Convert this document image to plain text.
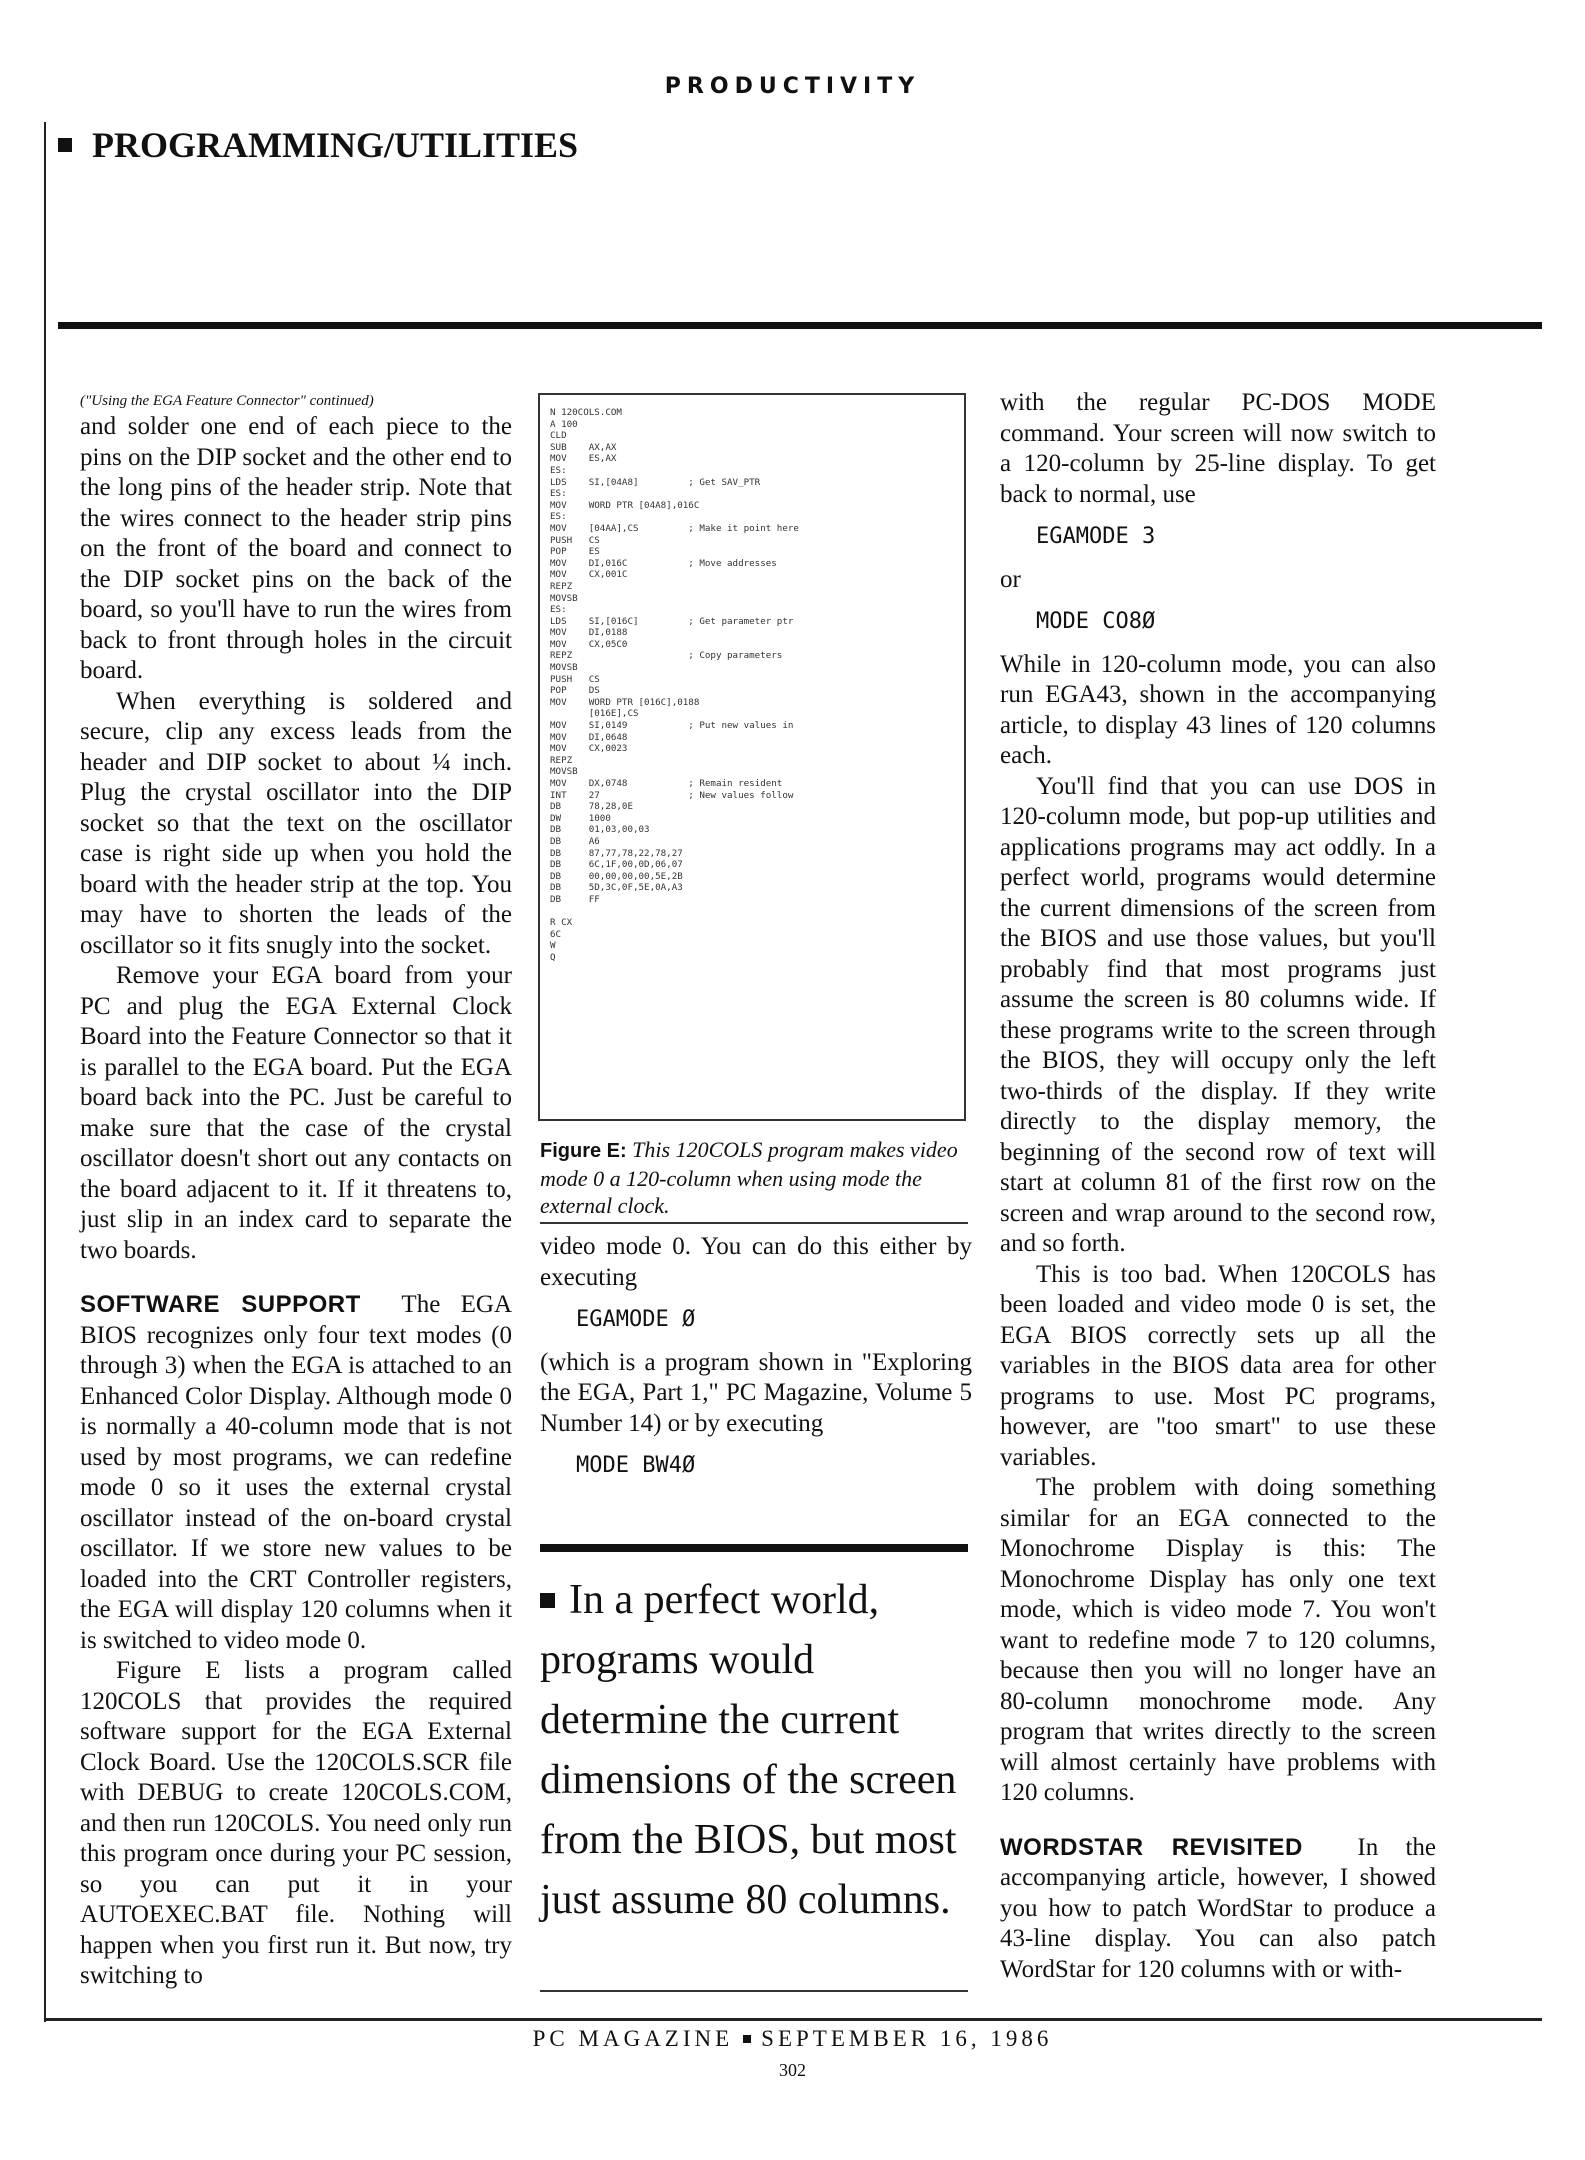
PRODUCTIVITY
PROGRAMMING/UTILITIES
("Using the EGA Feature Connector" continued)

and solder one end of each piece to the pins on the DIP socket and the other end to the long pins of the header strip. Note that the wires connect to the header strip pins on the front of the board and connect to the DIP socket pins on the back of the board, so you'll have to run the wires from back to front through holes in the circuit board.

When everything is soldered and secure, clip any excess leads from the header and DIP socket to about ¼ inch. Plug the crystal oscillator into the DIP socket so that the text on the oscillator case is right side up when you hold the board with the header strip at the top. You may have to shorten the leads of the oscillator so it fits snugly into the socket.

Remove your EGA board from your PC and plug the EGA External Clock Board into the Feature Connector so that it is parallel to the EGA board. Put the EGA board back into the PC. Just be careful to make sure that the case of the crystal oscillator doesn't short out any contacts on the board adjacent to it. If it threatens to, just slip in an index card to separate the two boards.

SOFTWARE SUPPORT The EGA BIOS recognizes only four text modes (0 through 3) when the EGA is attached to an Enhanced Color Display. Although mode 0 is normally a 40-column mode that is not used by most programs, we can redefine mode 0 so it uses the external crystal oscillator instead of the on-board crystal oscillator. If we store new values to be loaded into the CRT Controller registers, the EGA will display 120 columns when it is switched to video mode 0.

Figure E lists a program called 120COLS that provides the required software support for the EGA External Clock Board. Use the 120COLS.SCR file with DEBUG to create 120COLS.COM, and then run 120COLS. You need only run this program once during your PC session, so you can put it in your AUTOEXEC.BAT file. Nothing will happen when you first run it. But now, try switching to

N 120COLS.COM
A 100
CLD
SUB    AX,AX
MOV    ES,AX
ES:
LDS    SI,[04A8]         ; Get SAV_PTR
ES:
MOV    WORD PTR [04A8],016C
ES:
MOV    [04AA],CS         ; Make it point here
PUSH   CS
POP    ES
MOV    DI,016C           ; Move addresses
MOV    CX,001C
REPZ
MOVSB
ES:
LDS    SI,[016C]         ; Get parameter ptr
MOV    DI,0188
MOV    CX,05C0
REPZ                     ; Copy parameters
MOVSB
PUSH   CS
POP    DS
MOV    WORD PTR [016C],0188
[016E],CS
MOV    SI,0149           ; Put new values in
MOV    DI,0648
MOV    CX,0023
REPZ
MOVSB
MOV    DX,0748           ; Remain resident
INT    27                ; New values follow
DB     78,28,0E
DW     1000
DB     01,03,00,03
DB     A6
DB     87,77,78,22,78,27
DB     6C,1F,00,0D,06,07
DB     00,00,00,00,5E,2B
DB     5D,3C,0F,5E,0A,A3
DB     FF

R CX
6C
W
Q
Figure E: This 120COLS program makes video mode 0 a 120-column when using mode the external clock.

video mode 0. You can do this either by executing

EGAMODE Ø

(which is a program shown in "Exploring the EGA, Part 1," PC Magazine, Volume 5 Number 14) or by executing

MODE BW4Ø
In a perfect world, programs would determine the current dimensions of the screen from the BIOS, but most just assume 80 columns.

with the regular PC-DOS MODE command. Your screen will now switch to a 120-column by 25-line display. To get back to normal, use

EGAMODE 3

or

MODE CO8Ø

While in 120-column mode, you can also run EGA43, shown in the accompanying article, to display 43 lines of 120 columns each.

You'll find that you can use DOS in 120-column mode, but pop-up utilities and applications programs may act oddly. In a perfect world, programs would determine the current dimensions of the screen from the BIOS and use those values, but you'll probably find that most programs just assume the screen is 80 columns wide. If these programs write to the screen through the BIOS, they will occupy only the left two-thirds of the display. If they write directly to the display memory, the beginning of the second row of text will start at column 81 of the first row on the screen and wrap around to the second row, and so forth.

This is too bad. When 120COLS has been loaded and video mode 0 is set, the EGA BIOS correctly sets up all the variables in the BIOS data area for other programs to use. Most PC programs, however, are "too smart" to use these variables.

The problem with doing something similar for an EGA connected to the Monochrome Display is this: The Monochrome Display has only one text mode, which is video mode 7. You won't want to redefine mode 7 to 120 columns, because then you will no longer have an 80-column monochrome mode. Any program that writes directly to the screen will almost certainly have problems with 120 columns.

WORDSTAR REVISITED In the accompanying article, however, I showed you how to patch WordStar to produce a 43-line display. You can also patch WordStar for 120 columns with or with-

PC MAGAZINE SEPTEMBER 16, 1986
302
